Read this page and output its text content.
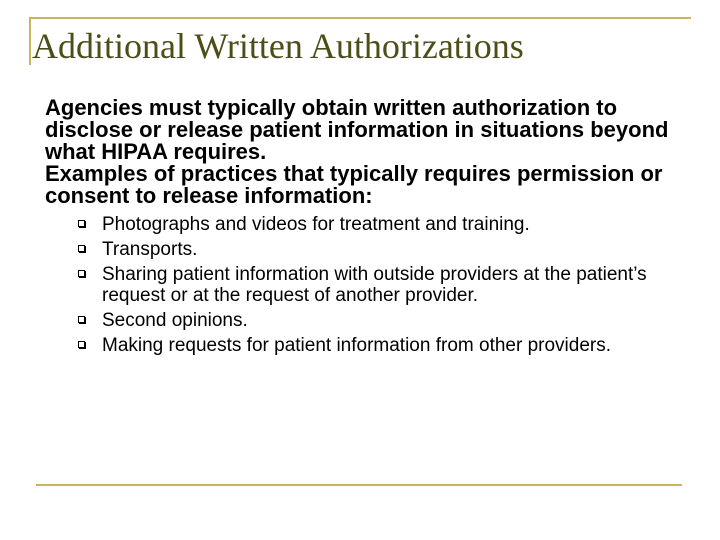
Additional Written Authorizations

Agencies must typically obtain written authorization to disclose or release patient information in situations beyond what HIPAA requires.

Examples of practices that typically requires permission or consent to release information:

Photographs and videos for treatment and training.
Transports.
Sharing patient information with outside providers at the patient’s request or at the request of another provider.
Second opinions.
Making requests for patient information from other providers.
